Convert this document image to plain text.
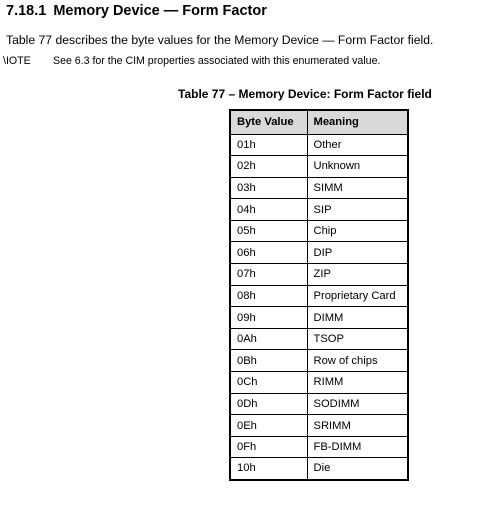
7.18.1 Memory Device — Form Factor
Table 77 describes the byte values for the Memory Device — Form Factor field.
\IOTE See 6.3 for the CIM properties associated with this enumerated value.
Table 77 – Memory Device: Form Factor field
Byte Value	Meaning
01h	Other
02h	Unknown
03h	SIMM
04h	SIP
05h	Chip
06h	DIP
07h	ZIP
08h	Proprietary Card
09h	DIMM
0Ah	TSOP
0Bh	Row of chips
0Ch	RIMM
0Dh	SODIMM
0Eh	SRIMM
0Fh	FB-DIMM
10h	Die
